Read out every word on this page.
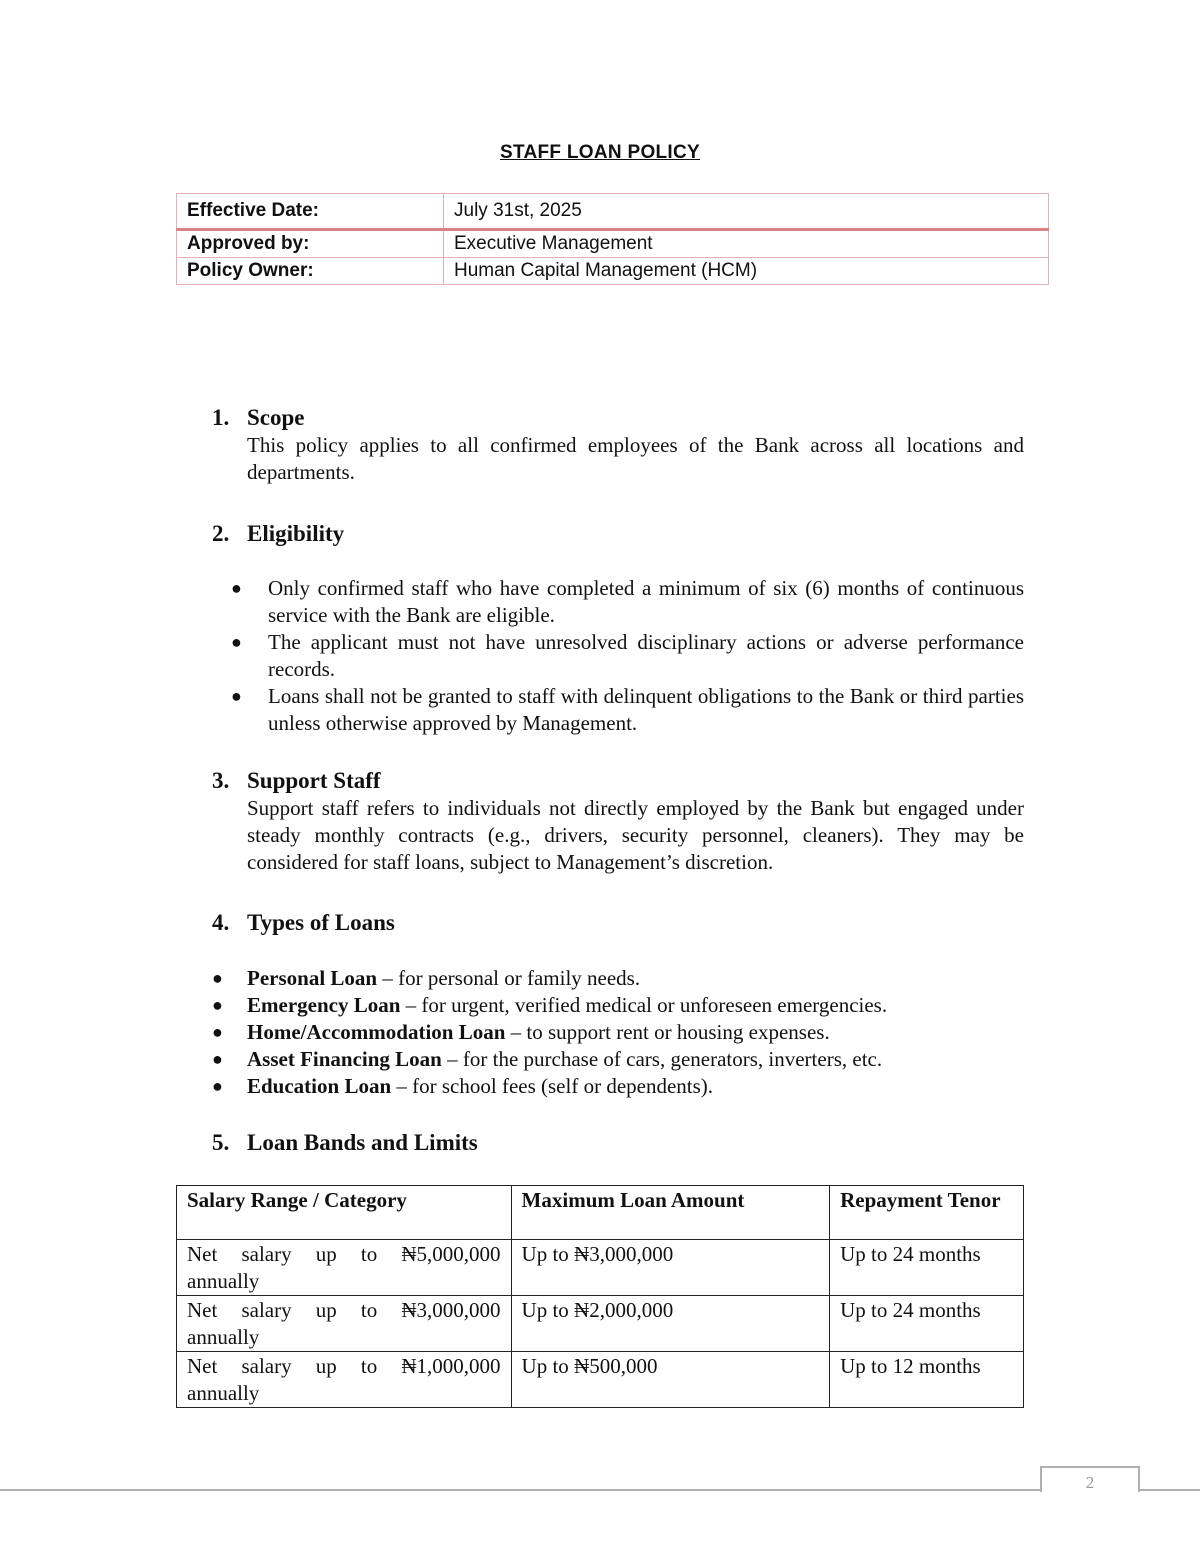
STAFF LOAN POLICY
Effective Date:	July 31st, 2025
Approved by:	Executive Management
Policy Owner:	Human Capital Management (HCM)
1. Scope
This policy applies to all confirmed employees of the Bank across all locations and departments.
2. Eligibility
● Only confirmed staff who have completed a minimum of six (6) months of continuous service with the Bank are eligible.
● The applicant must not have unresolved disciplinary actions or adverse performance records.
● Loans shall not be granted to staff with delinquent obligations to the Bank or third parties unless otherwise approved by Management.
3. Support Staff
Support staff refers to individuals not directly employed by the Bank but engaged under steady monthly contracts (e.g., drivers, security personnel, cleaners). They may be considered for staff loans, subject to Management’s discretion.
4. Types of Loans
● Personal Loan – for personal or family needs.
● Emergency Loan – for urgent, verified medical or unforeseen emergencies.
● Home/Accommodation Loan – to support rent or housing expenses.
● Asset Financing Loan – for the purchase of cars, generators, inverters, etc.
● Education Loan – for school fees (self or dependents).
5. Loan Bands and Limits
Salary Range / Category	Maximum Loan Amount	Repayment Tenor
Net salary up to ₦5,000,000 annually	Up to ₦3,000,000	Up to 24 months
Net salary up to ₦3,000,000 annually	Up to ₦2,000,000	Up to 24 months
Net salary up to ₦1,000,000 annually	Up to ₦500,000	Up to 12 months
2
